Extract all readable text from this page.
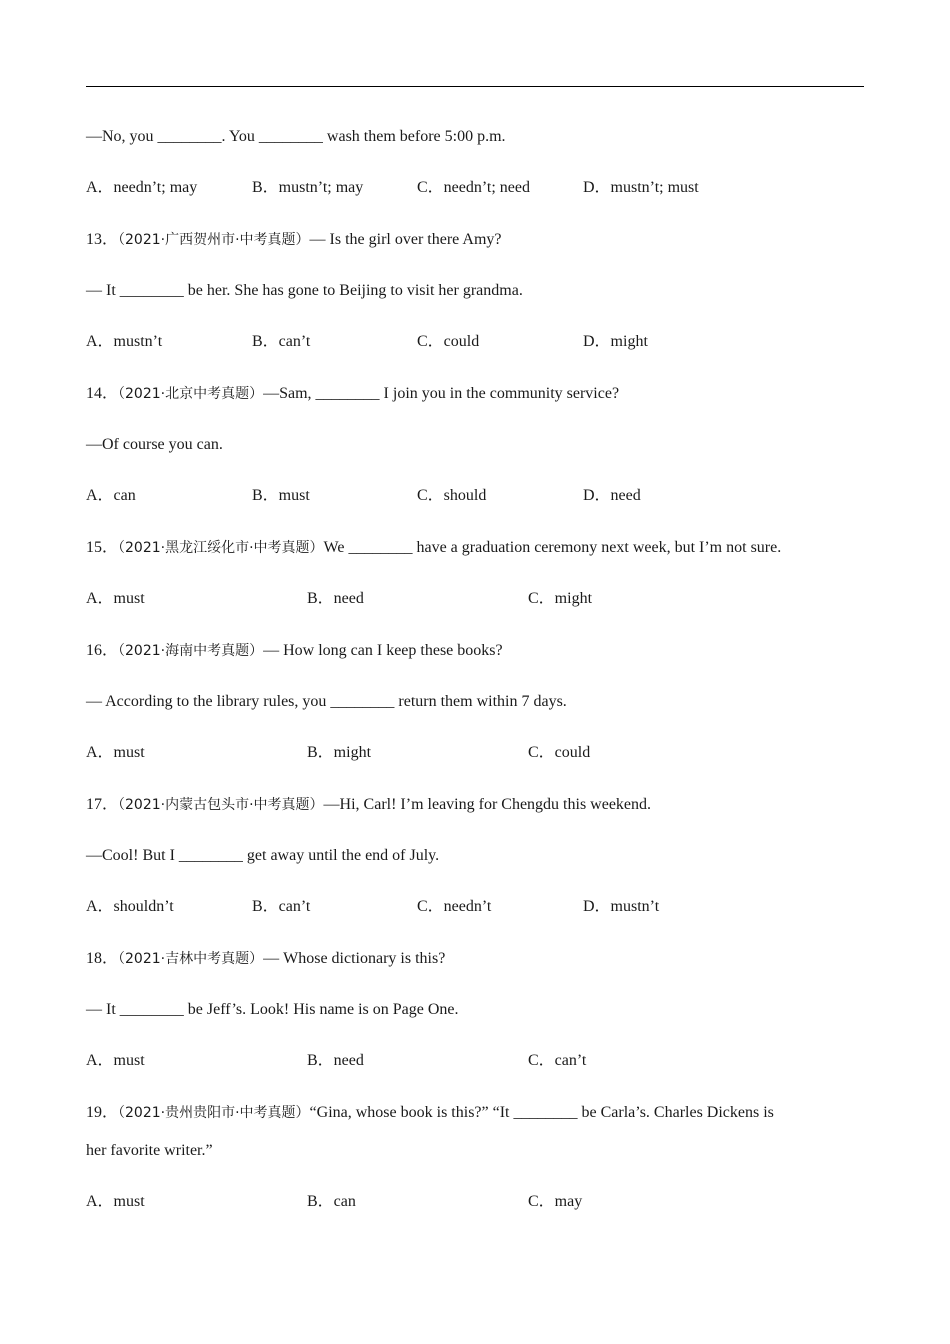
—No, you ________. You ________ wash them before 5:00 p.m.
A．needn’t; may	B．mustn’t; may	C．needn’t; need	D．mustn’t; must
13．（2021·广西贺州市·中考真题）— Is the girl over there Amy?
— It ________ be her. She has gone to Beijing to visit her grandma.
A．mustn’t	B．can’t	C．could	D．might
14．（2021·北京中考真题）—Sam, ________ I join you in the community service?
—Of course you can.
A．can	B．must	C．should	D．need
15．（2021·黑龙江绥化市·中考真题）We ________ have a graduation ceremony next week, but I’m not sure.
A．must	B．need	C．might
16．（2021·海南中考真题）— How long can I keep these books?
— According to the library rules, you ________ return them within 7 days.
A．must	B．might	C．could
17．（2021·内蒙古包头市·中考真题）—Hi, Carl! I’m leaving for Chengdu this weekend.
—Cool! But I ________ get away until the end of July.
A．shouldn’t	B．can’t	C．needn’t	D．mustn’t
18．（2021·吉林中考真题）— Whose dictionary is this?
— It ________ be Jeff’s. Look! His name is on Page One.
A．must	B．need	C．can’t
19．（2021·贵州贵阳市·中考真题）“Gina, whose book is this?” “It ________ be Carla’s. Charles Dickens is
her favorite writer.”
A．must	B．can	C．may
